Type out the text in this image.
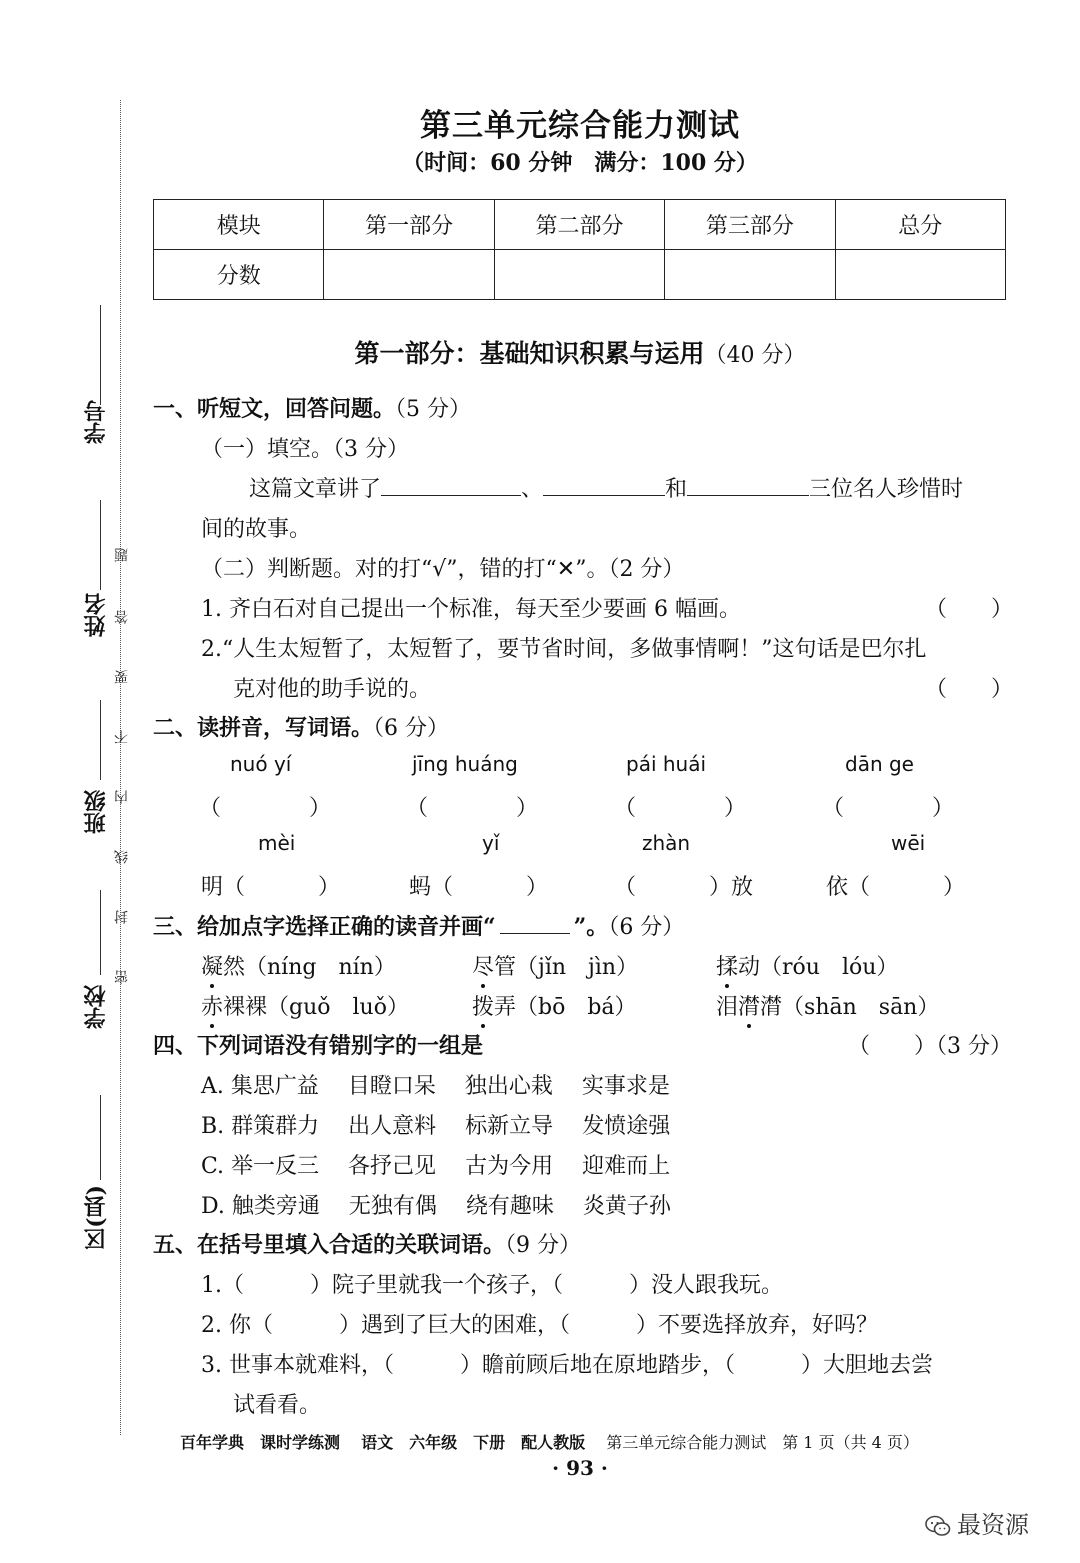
学号
姓名
班级
学校
区(县)
密
封
线
内
不
要
答
题
第三单元综合能力测试
（时间：60 分钟　满分：100 分）
模块	第一部分	第二部分	第三部分	总分
分数				
第一部分：基础知识积累与运用（40 分）
一、听短文，回答问题。（5 分）
（一）填空。（3 分）
这篇文章讲了	、	和	三位名人珍惜时
间的故事。
（二）判断题。对的打“√”，错的打“✕”。（2 分）
1. 齐白石对自己提出一个标准，每天至少要画 6 幅画。	（　　）
2.“人生太短暂了，太短暂了，要节省时间，多做事情啊！”这句话是巴尔扎
克对他的助手说的。	（　　）
二、读拼音，写词语。（6 分）
nuó yí	jīng huáng	pái huái	dān ge
（　　　　）	（　　　　）	（　　　　）	（　　　　）
mèi	yǐ	zhàn	wēi
明（　　　	）	蚂（　　　	）	（　　　	）放	依（　　　	）
三、给加点字选择正确的读音并画“	”。（6 分）
凝然（níng　nín）	尽管（jǐn　jìn）	揉动（róu　lóu）
赤裸裸（guǒ　luǒ）	拨弄（bō　bá）	泪潸潸（shān　sān）
四、下列词语没有错别字的一组是	（　　）（3 分）
A. 集思广益　 目瞪口呆　 独出心栽　 实事求是
B. 群策群力　 出人意料　 标新立导　 发愤途强
C. 举一反三　 各抒己见　 古为今用　 迎难而上
D. 触类旁通　 无独有偶　 绕有趣味　 炎黄子孙
五、在括号里填入合适的关联词语。（9 分）
1.（　　　）院子里就我一个孩子，（　　　）没人跟我玩。
2. 你（　　　）遇到了巨大的困难，（　　　）不要选择放弃，好吗？
3. 世事本就难料，（　　　）瞻前顾后地在原地踏步，（　　　）大胆地去尝
试看看。
百年学典　课时学练测　 语文　六年级　下册　配人教版　 第三单元综合能力测试　第 1 页（共 4 页）
· 93 ·
最资源
